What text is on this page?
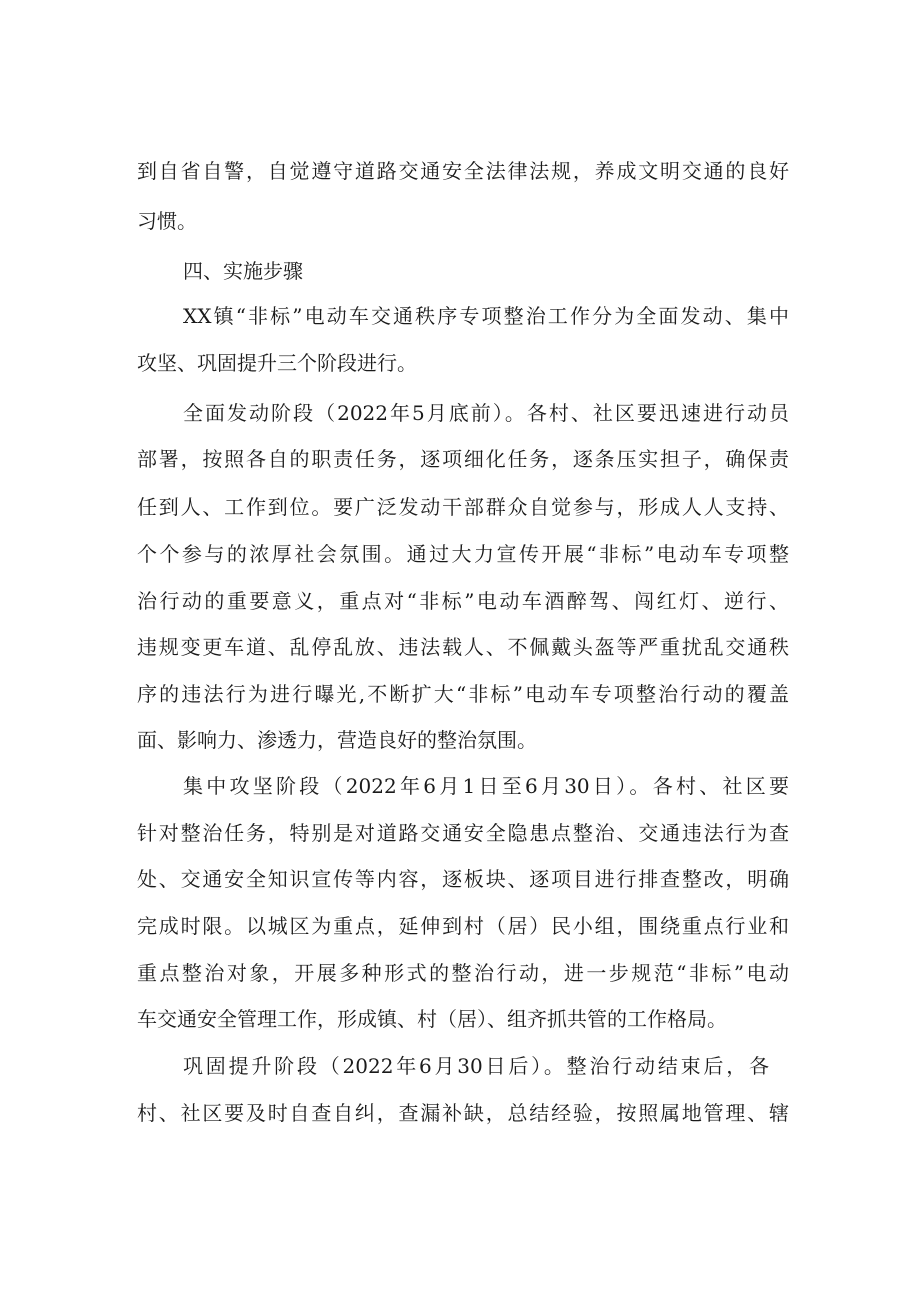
到自省自警，自觉遵守道路交通安全法律法规，养成文明交通的良好
习惯。
四、实施步骤
XX镇“非标”电动车交通秩序专项整治工作分为全面发动、集中
攻坚、巩固提升三个阶段进行。
全面发动阶段（2022年5月底前）。各村、社区要迅速进行动员
部署，按照各自的职责任务，逐项细化任务，逐条压实担子，确保责
任到人、工作到位。要广泛发动干部群众自觉参与，形成人人支持、
个个参与的浓厚社会氛围。通过大力宣传开展“非标”电动车专项整
治行动的重要意义，重点对“非标”电动车酒醉驾、闯红灯、逆行、
违规变更车道、乱停乱放、违法载人、不佩戴头盔等严重扰乱交通秩
序的违法行为进行曝光,不断扩大“非标”电动车专项整治行动的覆盖
面、影响力、渗透力，营造良好的整治氛围。
集中攻坚阶段（2022年6月1日至6月30日）。各村、社区要
针对整治任务，特别是对道路交通安全隐患点整治、交通违法行为查
处、交通安全知识宣传等内容，逐板块、逐项目进行排查整改，明确
完成时限。以城区为重点，延伸到村（居）民小组，围绕重点行业和
重点整治对象，开展多种形式的整治行动，进一步规范“非标”电动
车交通安全管理工作，形成镇、村（居）、组齐抓共管的工作格局。
巩固提升阶段（2022年6月30日后）。整治行动结束后，各
村、社区要及时自查自纠，查漏补缺，总结经验，按照属地管理、辖
